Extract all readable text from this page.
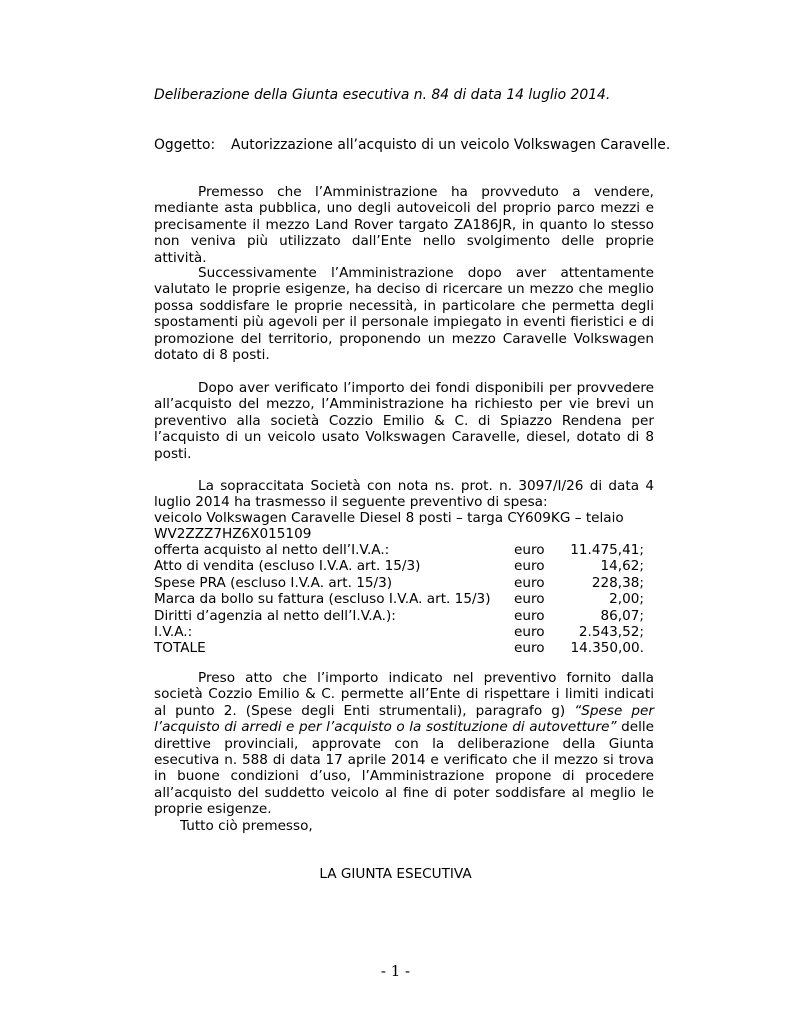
Deliberazione della Giunta esecutiva n. 84 di data 14 luglio 2014.
Oggetto: Autorizzazione all’acquisto di un veicolo Volkswagen Caravelle.

Premesso che l’Amministrazione ha provveduto a vendere, mediante asta pubblica, uno degli autoveicoli del proprio parco mezzi e precisamente il mezzo Land Rover targato ZA186JR, in quanto lo stesso non veniva più utilizzato dall’Ente nello svolgimento delle proprie attività.

Successivamente l’Amministrazione dopo aver attentamente valutato le proprie esigenze, ha deciso di ricercare un mezzo che meglio possa soddisfare le proprie necessità, in particolare che permetta degli spostamenti più agevoli per il personale impiegato in eventi fieristici e di promozione del territorio, proponendo un mezzo Caravelle Volkswagen dotato di 8 posti.

Dopo aver verificato l’importo dei fondi disponibili per provvedere all’acquisto del mezzo, l’Amministrazione ha richiesto per vie brevi un preventivo alla società Cozzio Emilio & C. di Spiazzo Rendena per l’acquisto di un veicolo usato Volkswagen Caravelle, diesel, dotato di 8 posti.

La sopraccitata Società con nota ns. prot. n. 3097/I/26 di data 4 luglio 2014 ha trasmesso il seguente preventivo di spesa:

veicolo Volkswagen Caravelle Diesel 8 posti – targa CY609KG – telaio
WV2ZZZ7HZ6X015109
offerta acquisto al netto dell’I.V.A.:	euro 11.475,41;
Atto di vendita (escluso I.V.A. art. 15/3)	euro	14,62;
Spese PRA (escluso I.V.A. art. 15/3)	euro	228,38;
Marca da bollo su fattura (escluso I.V.A. art. 15/3) euro	2,00;
Diritti d’agenzia al netto dell’I.V.A.):	euro	86,07;
I.V.A.:	euro	2.543,52;
TOTALE	euro 14.350,00.

Preso atto che l’importo indicato nel preventivo fornito dalla società Cozzio Emilio & C. permette all’Ente di rispettare i limiti indicati al punto 2. (Spese degli Enti strumentali), paragrafo g) “Spese per l’acquisto di arredi e per l’acquisto o la sostituzione di autovetture” delle direttive provinciali, approvate con la deliberazione della Giunta esecutiva n. 588 di data 17 aprile 2014 e verificato che il mezzo si trova in buone condizioni d’uso, l’Amministrazione propone di procedere all’acquisto del suddetto veicolo al fine di poter soddisfare al meglio le proprie esigenze.

Tutto ciò premesso,
LA GIUNTA ESECUTIVA
- 1 -
